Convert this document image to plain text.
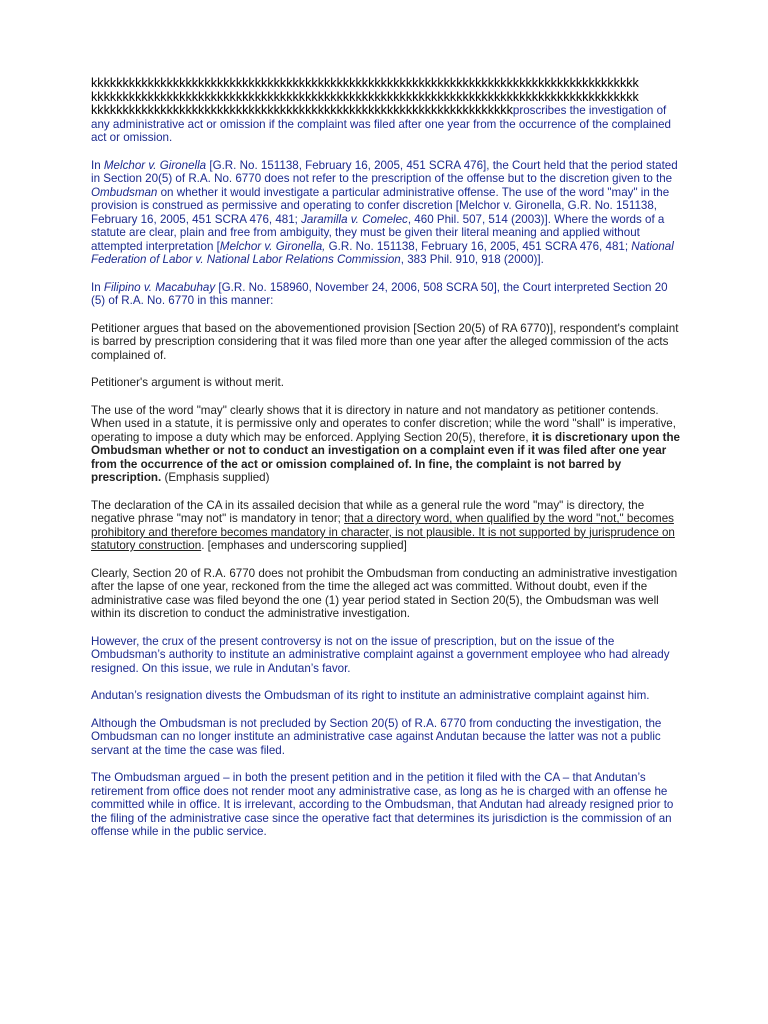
kkkkkkkkkkkkkkkkkkkkkkkkkkkkkkkkkkkkkkkkkkkkkkkkkkkkkkkkkkkkkkkkkkkkkkkkkkkkkkkkkkkkkkk
kkkkkkkkkkkkkkkkkkkkkkkkkkkkkkkkkkkkkkkkkkkkkkkkkkkkkkkkkkkkkkkkkkkkkkkkkkkkkkkkkkkkkkk
kkkkkkkkkkkkkkkkkkkkkkkkkkkkkkkkkkkkkkkkkkkkkkkkkkkkkkkkkkkkkkkkkkkproscribes the investigation of any administrative act or omission if the complaint was filed after one year from the occurrence of the complained act or omission.

In Melchor v. Gironella [G.R. No. 151138, February 16, 2005, 451 SCRA 476], the Court held that the period stated in Section 20(5) of R.A. No. 6770 does not refer to the prescription of the offense but to the discretion given to the Ombudsman on whether it would investigate a particular administrative offense. The use of the word "may" in the provision is construed as permissive and operating to confer discretion [Melchor v. Gironella, G.R. No. 151138, February 16, 2005, 451 SCRA 476, 481; Jaramilla v. Comelec, 460 Phil. 507, 514 (2003)]. Where the words of a statute are clear, plain and free from ambiguity, they must be given their literal meaning and applied without attempted interpretation [Melchor v. Gironella, G.R. No. 151138, February 16, 2005, 451 SCRA 476, 481; National Federation of Labor v. National Labor Relations Commission, 383 Phil. 910, 918 (2000)].

In Filipino v. Macabuhay [G.R. No. 158960, November 24, 2006, 508 SCRA 50], the Court interpreted Section 20 (5) of R.A. No. 6770 in this manner:

Petitioner argues that based on the abovementioned provision [Section 20(5) of RA 6770)], respondent's complaint is barred by prescription considering that it was filed more than one year after the alleged commission of the acts complained of.

Petitioner's argument is without merit.

The use of the word "may" clearly shows that it is directory in nature and not mandatory as petitioner contends. When used in a statute, it is permissive only and operates to confer discretion; while the word "shall" is imperative, operating to impose a duty which may be enforced. Applying Section 20(5), therefore, it is discretionary upon the Ombudsman whether or not to conduct an investigation on a complaint even if it was filed after one year from the occurrence of the act or omission complained of. In fine, the complaint is not barred by prescription. (Emphasis supplied)

The declaration of the CA in its assailed decision that while as a general rule the word "may" is directory, the negative phrase "may not" is mandatory in tenor; that a directory word, when qualified by the word "not," becomes prohibitory and therefore becomes mandatory in character, is not plausible. It is not supported by jurisprudence on statutory construction. [emphases and underscoring supplied]

Clearly, Section 20 of R.A. 6770 does not prohibit the Ombudsman from conducting an administrative investigation after the lapse of one year, reckoned from the time the alleged act was committed. Without doubt, even if the administrative case was filed beyond the one (1) year period stated in Section 20(5), the Ombudsman was well within its discretion to conduct the administrative investigation.

However, the crux of the present controversy is not on the issue of prescription, but on the issue of the Ombudsman’s authority to institute an administrative complaint against a government employee who had already resigned. On this issue, we rule in Andutan’s favor.

Andutan’s resignation divests the Ombudsman of its right to institute an administrative complaint against him.

Although the Ombudsman is not precluded by Section 20(5) of R.A. 6770 from conducting the investigation, the Ombudsman can no longer institute an administrative case against Andutan because the latter was not a public servant at the time the case was filed.

The Ombudsman argued – in both the present petition and in the petition it filed with the CA – that Andutan’s retirement from office does not render moot any administrative case, as long as he is charged with an offense he committed while in office. It is irrelevant, according to the Ombudsman, that Andutan had already resigned prior to the filing of the administrative case since the operative fact that determines its jurisdiction is the commission of an offense while in the public service.
